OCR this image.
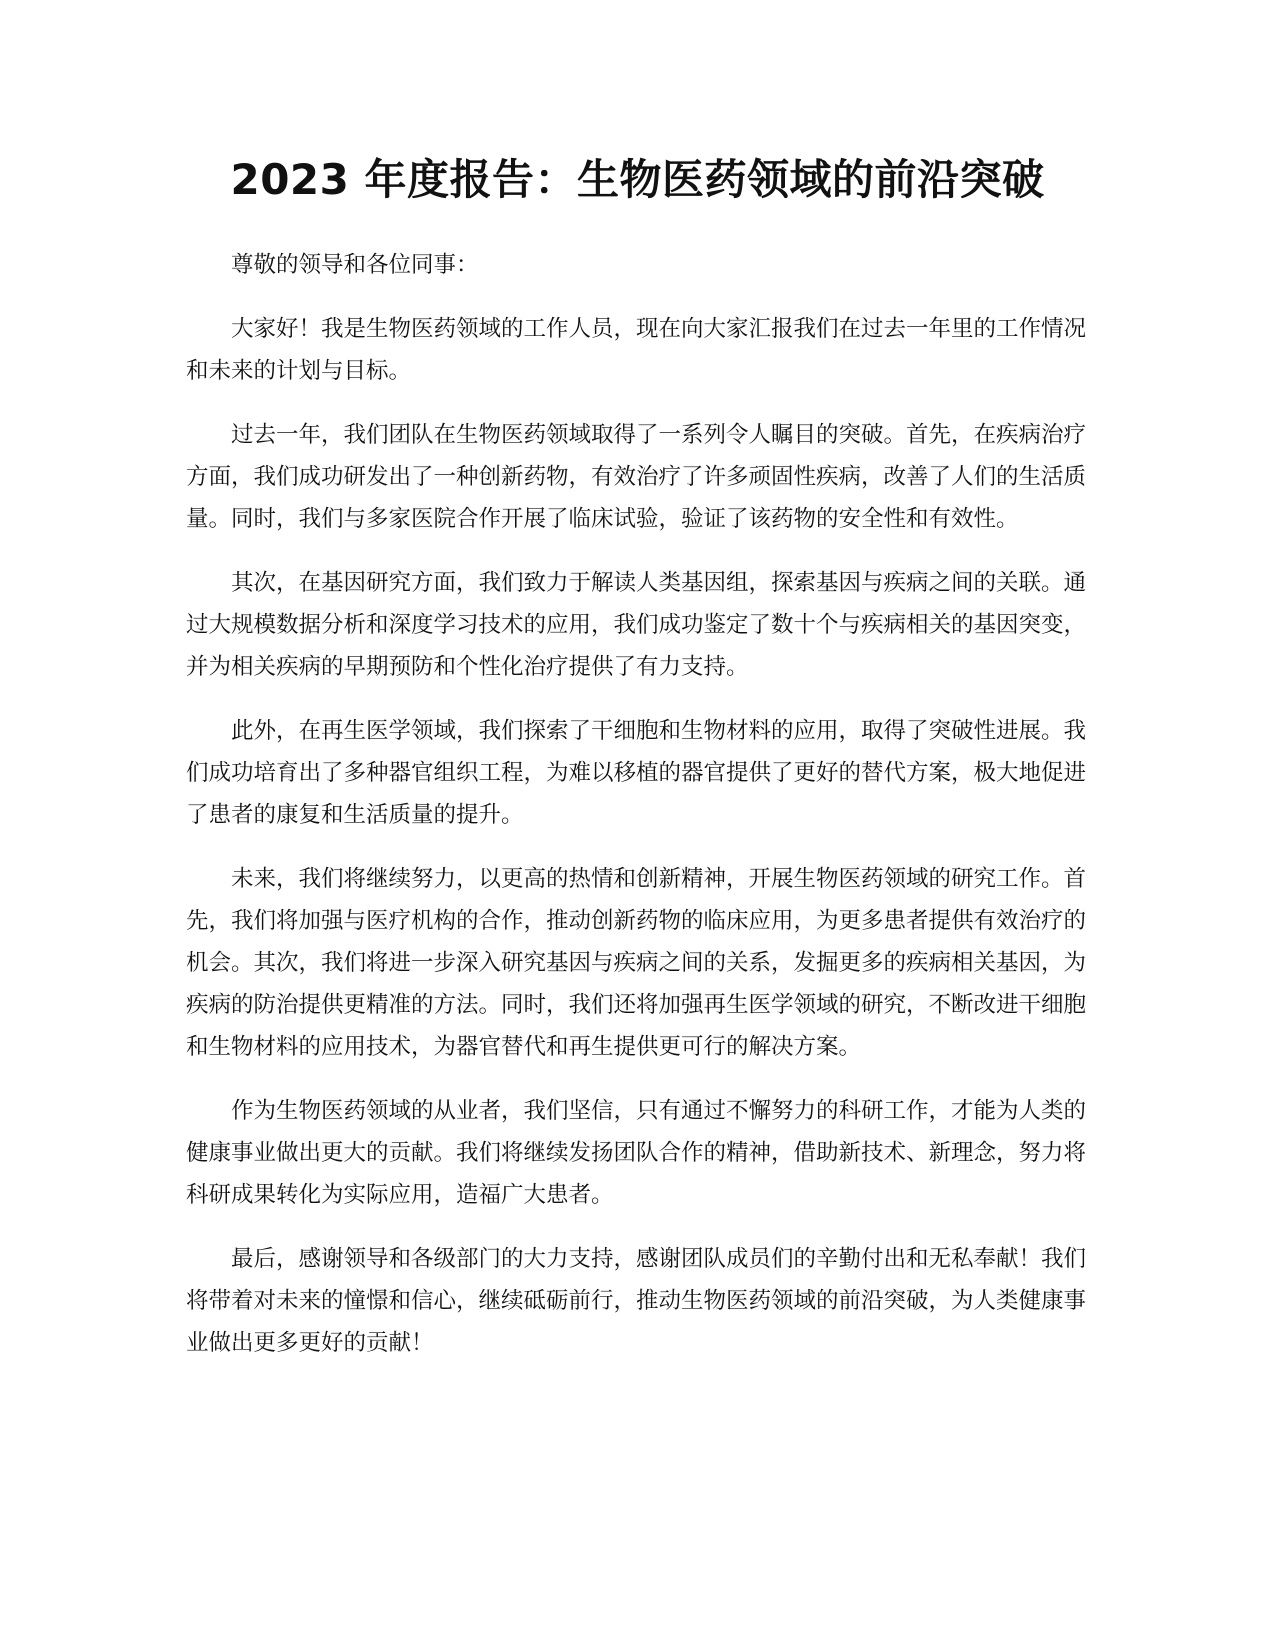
2023 年度报告：生物医药领域的前沿突破

尊敬的领导和各位同事：

大家好！我是生物医药领域的工作人员，现在向大家汇报我们在过去一年里的工作情况和未来的计划与目标。

过去一年，我们团队在生物医药领域取得了一系列令人瞩目的突破。首先，在疾病治疗方面，我们成功研发出了一种创新药物，有效治疗了许多顽固性疾病，改善了人们的生活质量。同时，我们与多家医院合作开展了临床试验，验证了该药物的安全性和有效性。

其次，在基因研究方面，我们致力于解读人类基因组，探索基因与疾病之间的关联。通过大规模数据分析和深度学习技术的应用，我们成功鉴定了数十个与疾病相关的基因突变，并为相关疾病的早期预防和个性化治疗提供了有力支持。

此外，在再生医学领域，我们探索了干细胞和生物材料的应用，取得了突破性进展。我们成功培育出了多种器官组织工程，为难以移植的器官提供了更好的替代方案，极大地促进了患者的康复和生活质量的提升。

未来，我们将继续努力，以更高的热情和创新精神，开展生物医药领域的研究工作。首先，我们将加强与医疗机构的合作，推动创新药物的临床应用，为更多患者提供有效治疗的机会。其次，我们将进一步深入研究基因与疾病之间的关系，发掘更多的疾病相关基因，为疾病的防治提供更精准的方法。同时，我们还将加强再生医学领域的研究，不断改进干细胞和生物材料的应用技术，为器官替代和再生提供更可行的解决方案。

作为生物医药领域的从业者，我们坚信，只有通过不懈努力的科研工作，才能为人类的健康事业做出更大的贡献。我们将继续发扬团队合作的精神，借助新技术、新理念，努力将科研成果转化为实际应用，造福广大患者。

最后，感谢领导和各级部门的大力支持，感谢团队成员们的辛勤付出和无私奉献！我们将带着对未来的憧憬和信心，继续砥砺前行，推动生物医药领域的前沿突破，为人类健康事业做出更多更好的贡献！
